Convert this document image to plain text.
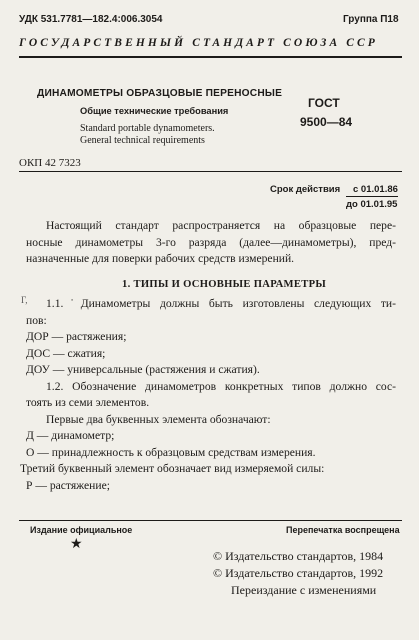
УДК 531.7781—182.4:006.3054	Группа П18
ГОСУДАРСТВЕННЫЙ СТАНДАРТ СОЮЗА ССР
ДИНАМОМЕТРЫ ОБРАЗЦОВЫЕ ПЕРЕНОСНЫЕ
Общие технические требования
Standard portable dynamometers.
General technical requirements
ГОСТ
9500—84
ОКП 42 7323
Срок действия с 01.01.86
до 01.01.95
Настоящий стандарт распространяется на образцовые пере-
носные динамометры 3-го разряда (далее—динамометры), пред-
назначенные для поверки рабочих средств измерений.
1. ТИПЫ И ОСНОВНЫЕ ПАРАМЕТРЫ
Г,	1.1.˙Динамометры должны быть изготовлены следующих ти-
пов:
ДОР — растяжения;
ДОС — сжатия;
ДОУ — универсальные (растяжения и сжатия).
1.2. Обозначение динамометров конкретных типов должно сос-
тоять из семи элементов.
Первые два буквенных элемента обозначают:
Д — динамометр;
О — принадлежность к образцовым средствам измерения.
Третий буквенный элемент обозначает вид измеряемой силы:
Р — растяжение;
Издание официальное	Перепечатка воспрещена
★
© Издательство стандартов, 1984
© Издательство стандартов, 1992
Переиздание с изменениями
